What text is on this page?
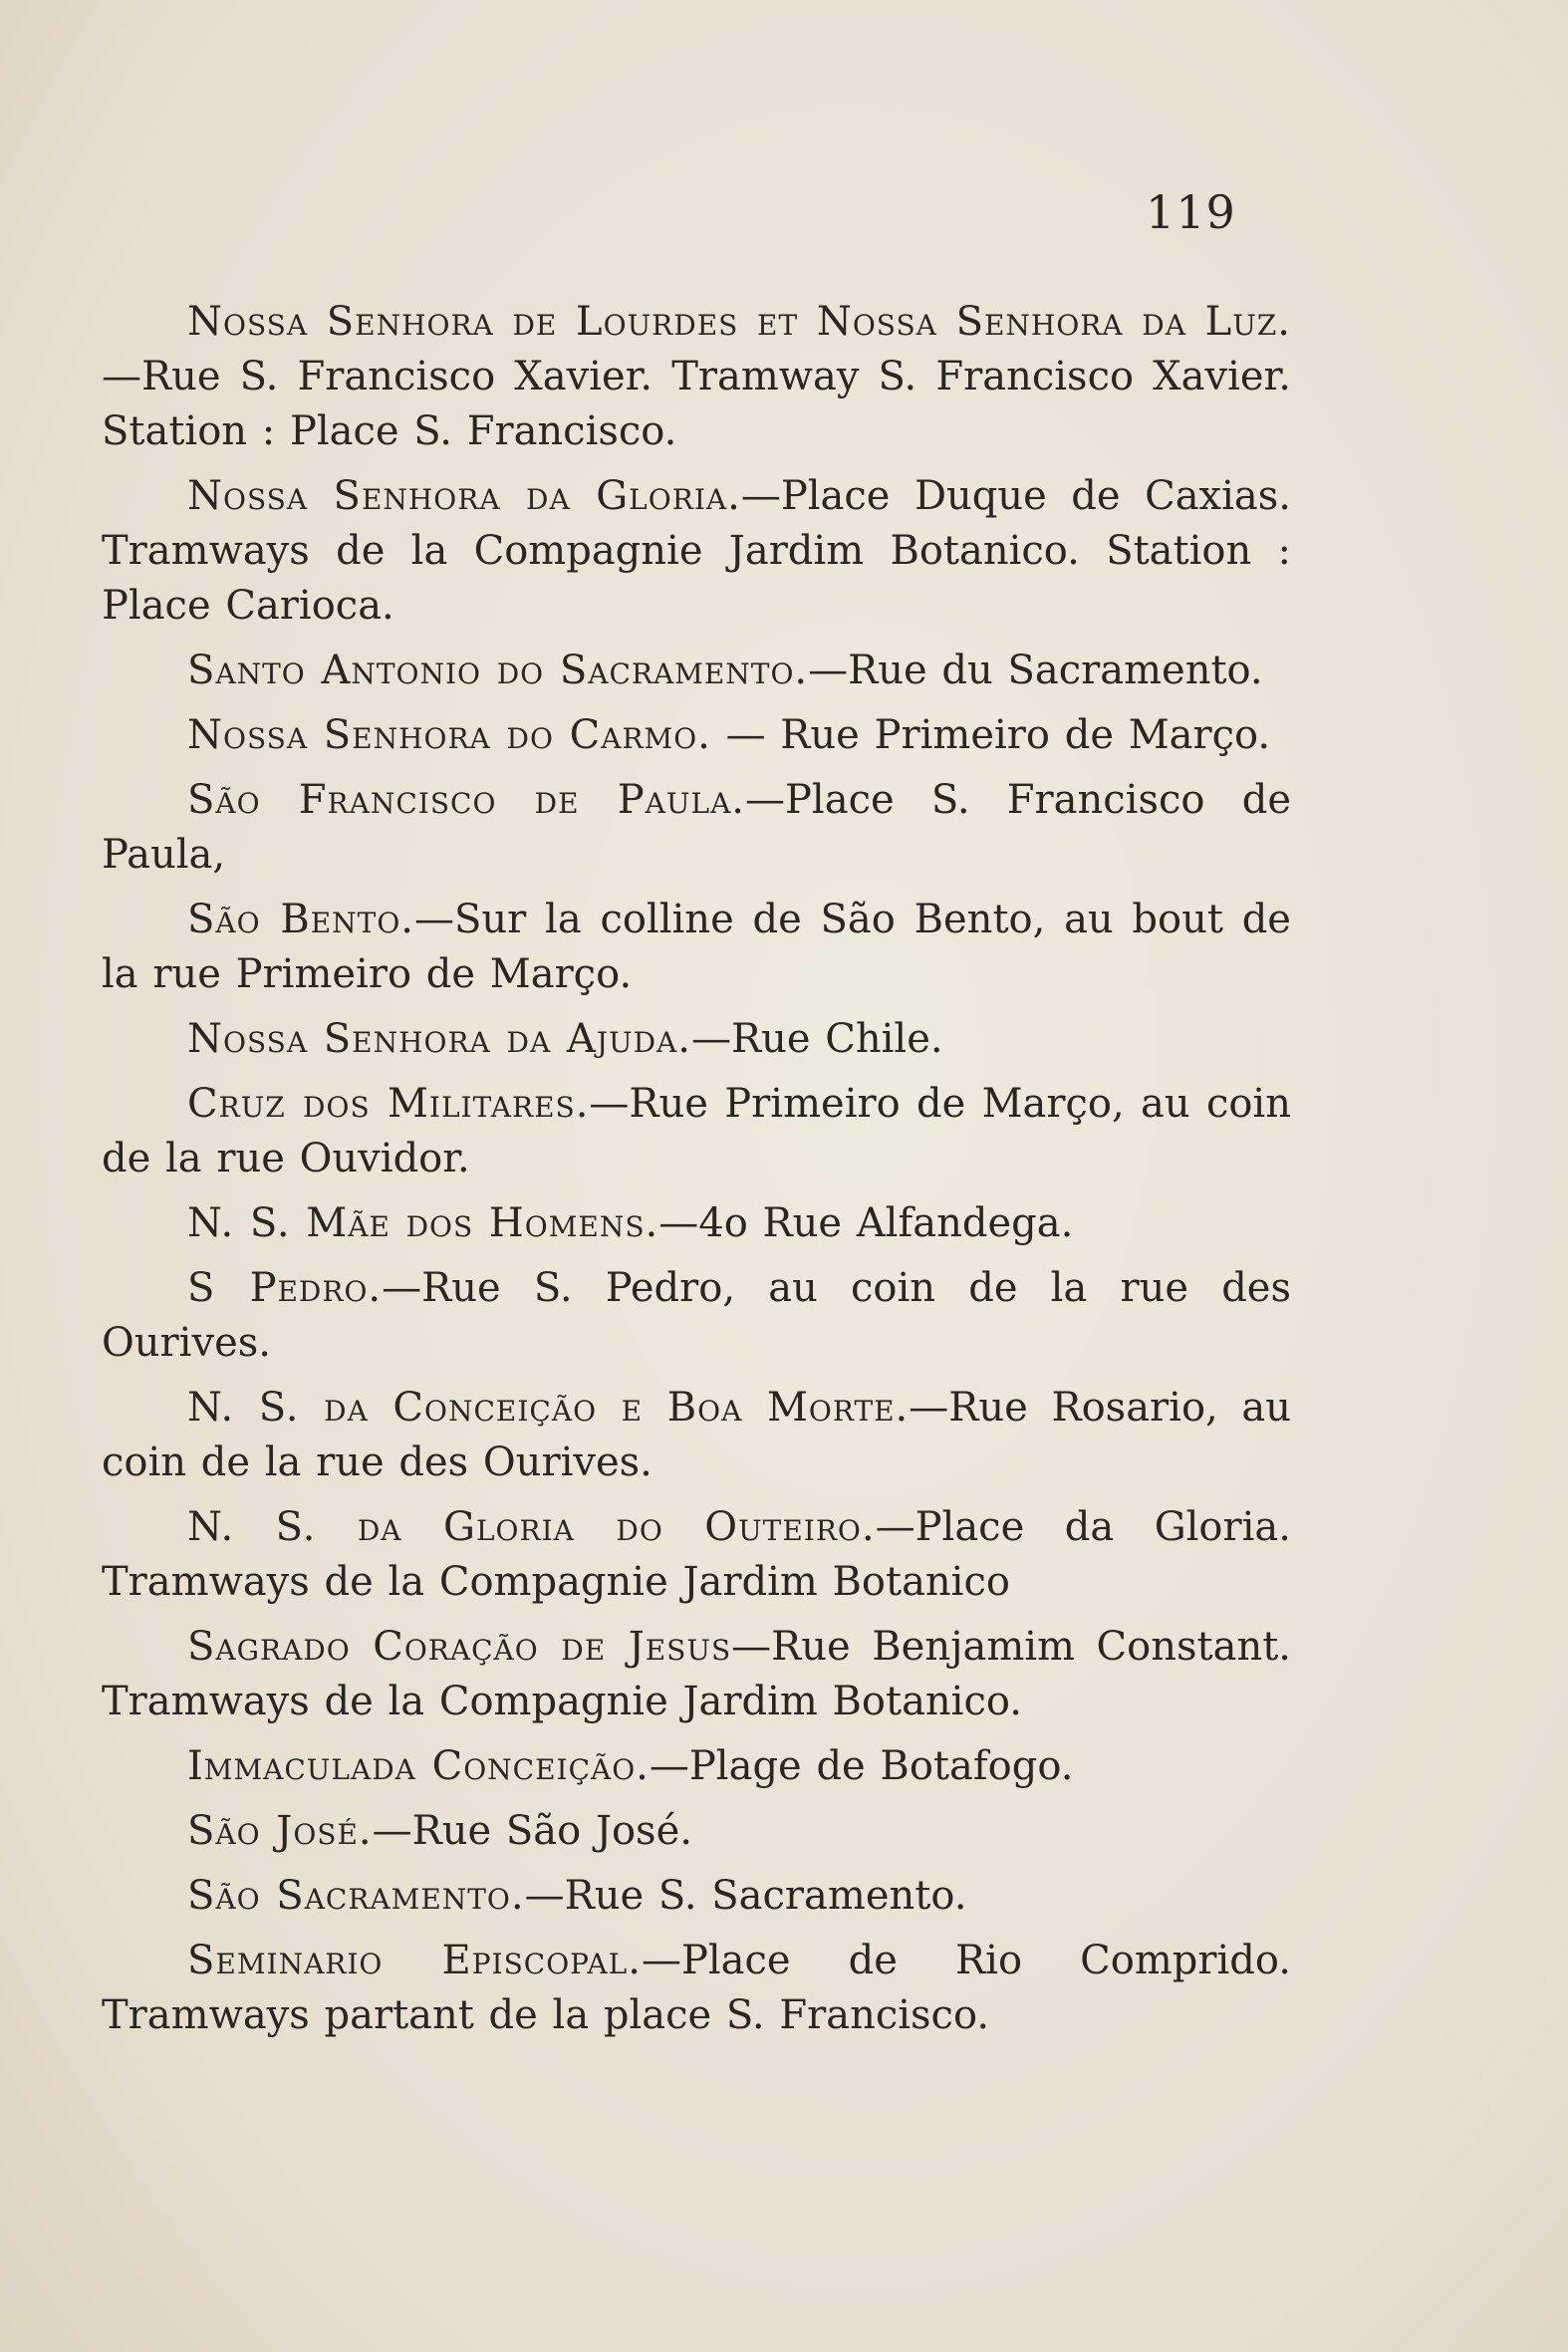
119

Nossa Senhora de Lourdes et Nossa Senhora da Luz.—Rue S. Francisco Xavier. Tramway S. Francisco Xavier. Station : Place S. Francisco.

Nossa Senhora da Gloria.—Place Duque de Caxias. Tramways de la Compagnie Jardim Botanico. Station : Place Carioca.

Santo Antonio do Sacramento.—Rue du Sacramento.

Nossa Senhora do Carmo. — Rue Primeiro de Março.

São Francisco de Paula.—Place S. Francisco de Paula,

São Bento.—Sur la colline de São Bento, au bout de la rue Primeiro de Março.

Nossa Senhora da Ajuda.—Rue Chile.

Cruz dos Militares.—Rue Primeiro de Março, au coin de la rue Ouvidor.

N. S. Mãe dos Homens.—4o Rue Alfandega.

S Pedro.—Rue S. Pedro, au coin de la rue des Ourives.

N. S. da Conceição e Boa Morte.—Rue Rosario, au coin de la rue des Ourives.

N. S. da Gloria do Outeiro.—Place da Gloria. Tramways de la Compagnie Jardim Botanico

Sagrado Coração de Jesus—Rue Benjamim Constant. Tramways de la Compagnie Jardim Botanico.

Immaculada Conceição.—Plage de Botafogo.

São José.—Rue São José.

São Sacramento.—Rue S. Sacramento.

Seminario Episcopal.—Place de Rio Comprido. Tramways partant de la place S. Francisco.
